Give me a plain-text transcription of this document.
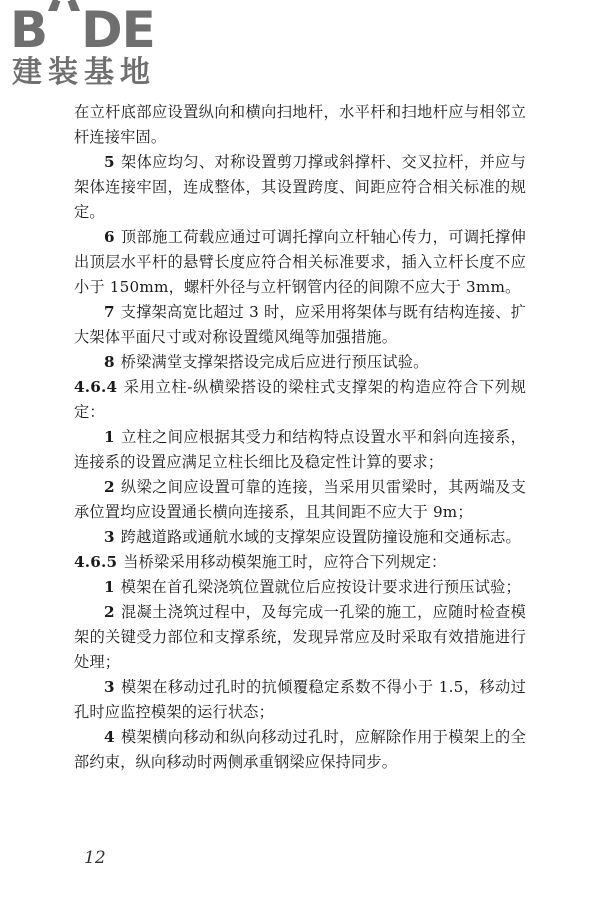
B DE
建装基地

在立杆底部应设置纵向和横向扫地杆，水平杆和扫地杆应与相邻立杆连接牢固。

5 架体应均匀、对称设置剪刀撑或斜撑杆、交叉拉杆，并应与架体连接牢固，连成整体，其设置跨度、间距应符合相关标准的规定。

6 顶部施工荷载应通过可调托撑向立杆轴心传力，可调托撑伸出顶层水平杆的悬臂长度应符合相关标准要求，插入立杆长度不应小于 150mm，螺杆外径与立杆钢管内径的间隙不应大于 3mm。

7 支撑架高宽比超过 3 时，应采用将架体与既有结构连接、扩大架体平面尺寸或对称设置缆风绳等加强措施。

8 桥梁满堂支撑架搭设完成后应进行预压试验。

4.6.4 采用立柱-纵横梁搭设的梁柱式支撑架的构造应符合下列规定：

1 立柱之间应根据其受力和结构特点设置水平和斜向连接系，连接系的设置应满足立柱长细比及稳定性计算的要求；

2 纵梁之间应设置可靠的连接，当采用贝雷梁时，其两端及支承位置均应设置通长横向连接系，且其间距不应大于 9m；

3 跨越道路或通航水域的支撑架应设置防撞设施和交通标志。

4.6.5 当桥梁采用移动模架施工时，应符合下列规定：

1 模架在首孔梁浇筑位置就位后应按设计要求进行预压试验；

2 混凝土浇筑过程中，及每完成一孔梁的施工，应随时检查模架的关键受力部位和支撑系统，发现异常应及时采取有效措施进行处理；

3 模架在移动过孔时的抗倾覆稳定系数不得小于 1.5，移动过孔时应监控模架的运行状态；

4 模架横向移动和纵向移动过孔时，应解除作用于模架上的全部约束，纵向移动时两侧承重钢梁应保持同步。

12
